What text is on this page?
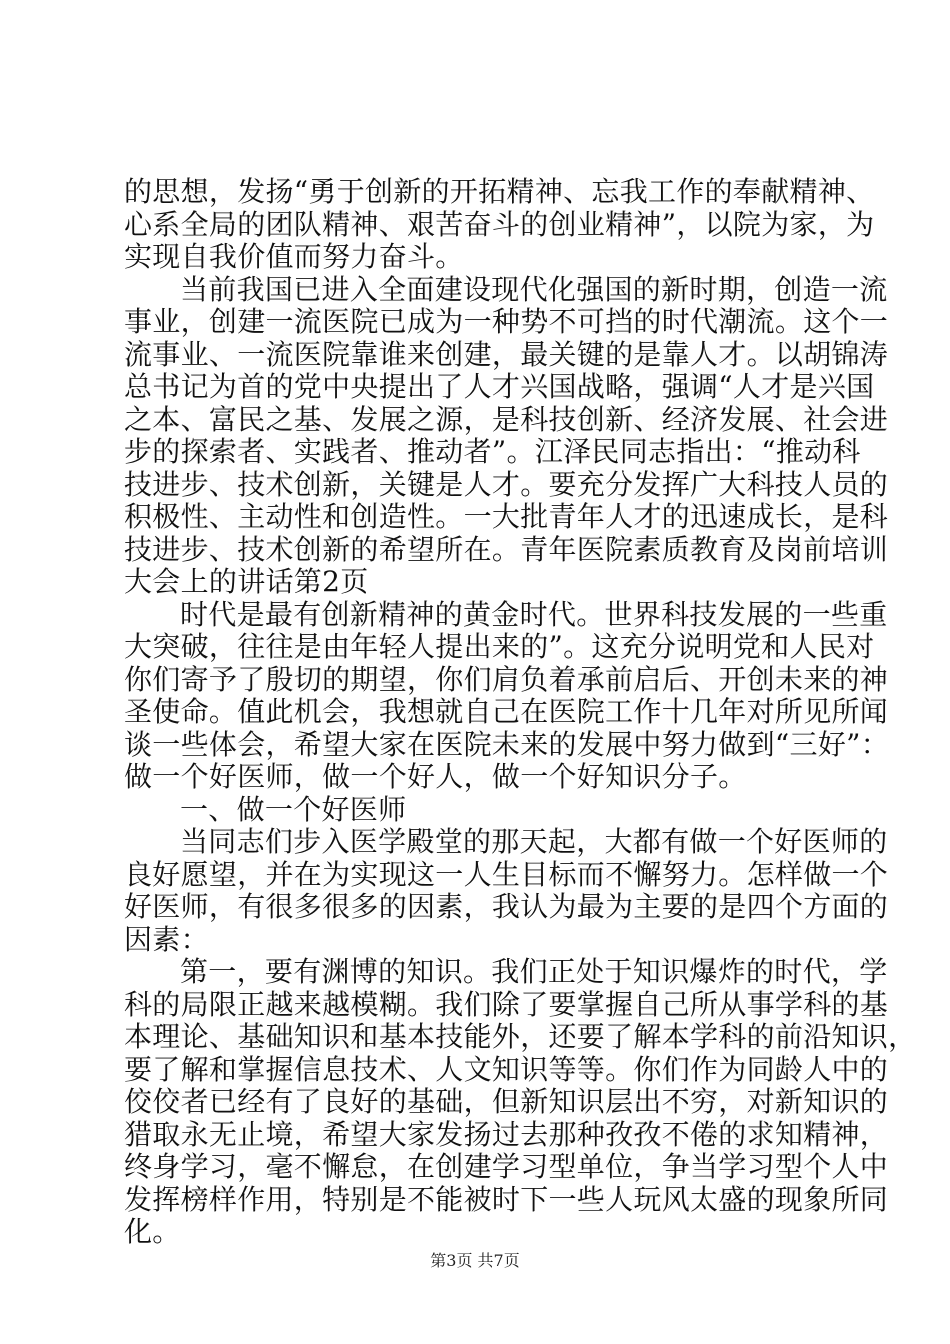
的思想，发扬“勇于创新的开拓精神、忘我工作的奉献精神、
心系全局的团队精神、艰苦奋斗的创业精神”，以院为家，为
实现自我价值而努力奋斗。
当前我国已进入全面建设现代化强国的新时期，创造一流
事业，创建一流医院已成为一种势不可挡的时代潮流。这个一
流事业、一流医院靠谁来创建，最关键的是靠人才。以胡锦涛
总书记为首的党中央提出了人才兴国战略，强调“人才是兴国
之本、富民之基、发展之源，是科技创新、经济发展、社会进
步的探索者、实践者、推动者”。江泽民同志指出：“推动科
技进步、技术创新，关键是人才。要充分发挥广大科技人员的
积极性、主动性和创造性。一大批青年人才的迅速成长，是科
技进步、技术创新的希望所在。青年医院素质教育及岗前培训
大会上的讲话第2页
时代是最有创新精神的黄金时代。世界科技发展的一些重
大突破，往往是由年轻人提出来的”。这充分说明党和人民对
你们寄予了殷切的期望，你们肩负着承前启后、开创未来的神
圣使命。值此机会，我想就自己在医院工作十几年对所见所闻
谈一些体会，希望大家在医院未来的发展中努力做到“三好”：
做一个好医师，做一个好人，做一个好知识分子。
一、做一个好医师
当同志们步入医学殿堂的那天起，大都有做一个好医师的
良好愿望，并在为实现这一人生目标而不懈努力。怎样做一个
好医师，有很多很多的因素，我认为最为主要的是四个方面的
因素：
第一，要有渊博的知识。我们正处于知识爆炸的时代，学
科的局限正越来越模糊。我们除了要掌握自己所从事学科的基
本理论、基础知识和基本技能外，还要了解本学科的前沿知识，
要了解和掌握信息技术、人文知识等等。你们作为同龄人中的
佼佼者已经有了良好的基础，但新知识层出不穷，对新知识的
猎取永无止境，希望大家发扬过去那种孜孜不倦的求知精神，
终身学习，毫不懈怠，在创建学习型单位，争当学习型个人中
发挥榜样作用，特别是不能被时下一些人玩风太盛的现象所同
化。
第3页 共7页
